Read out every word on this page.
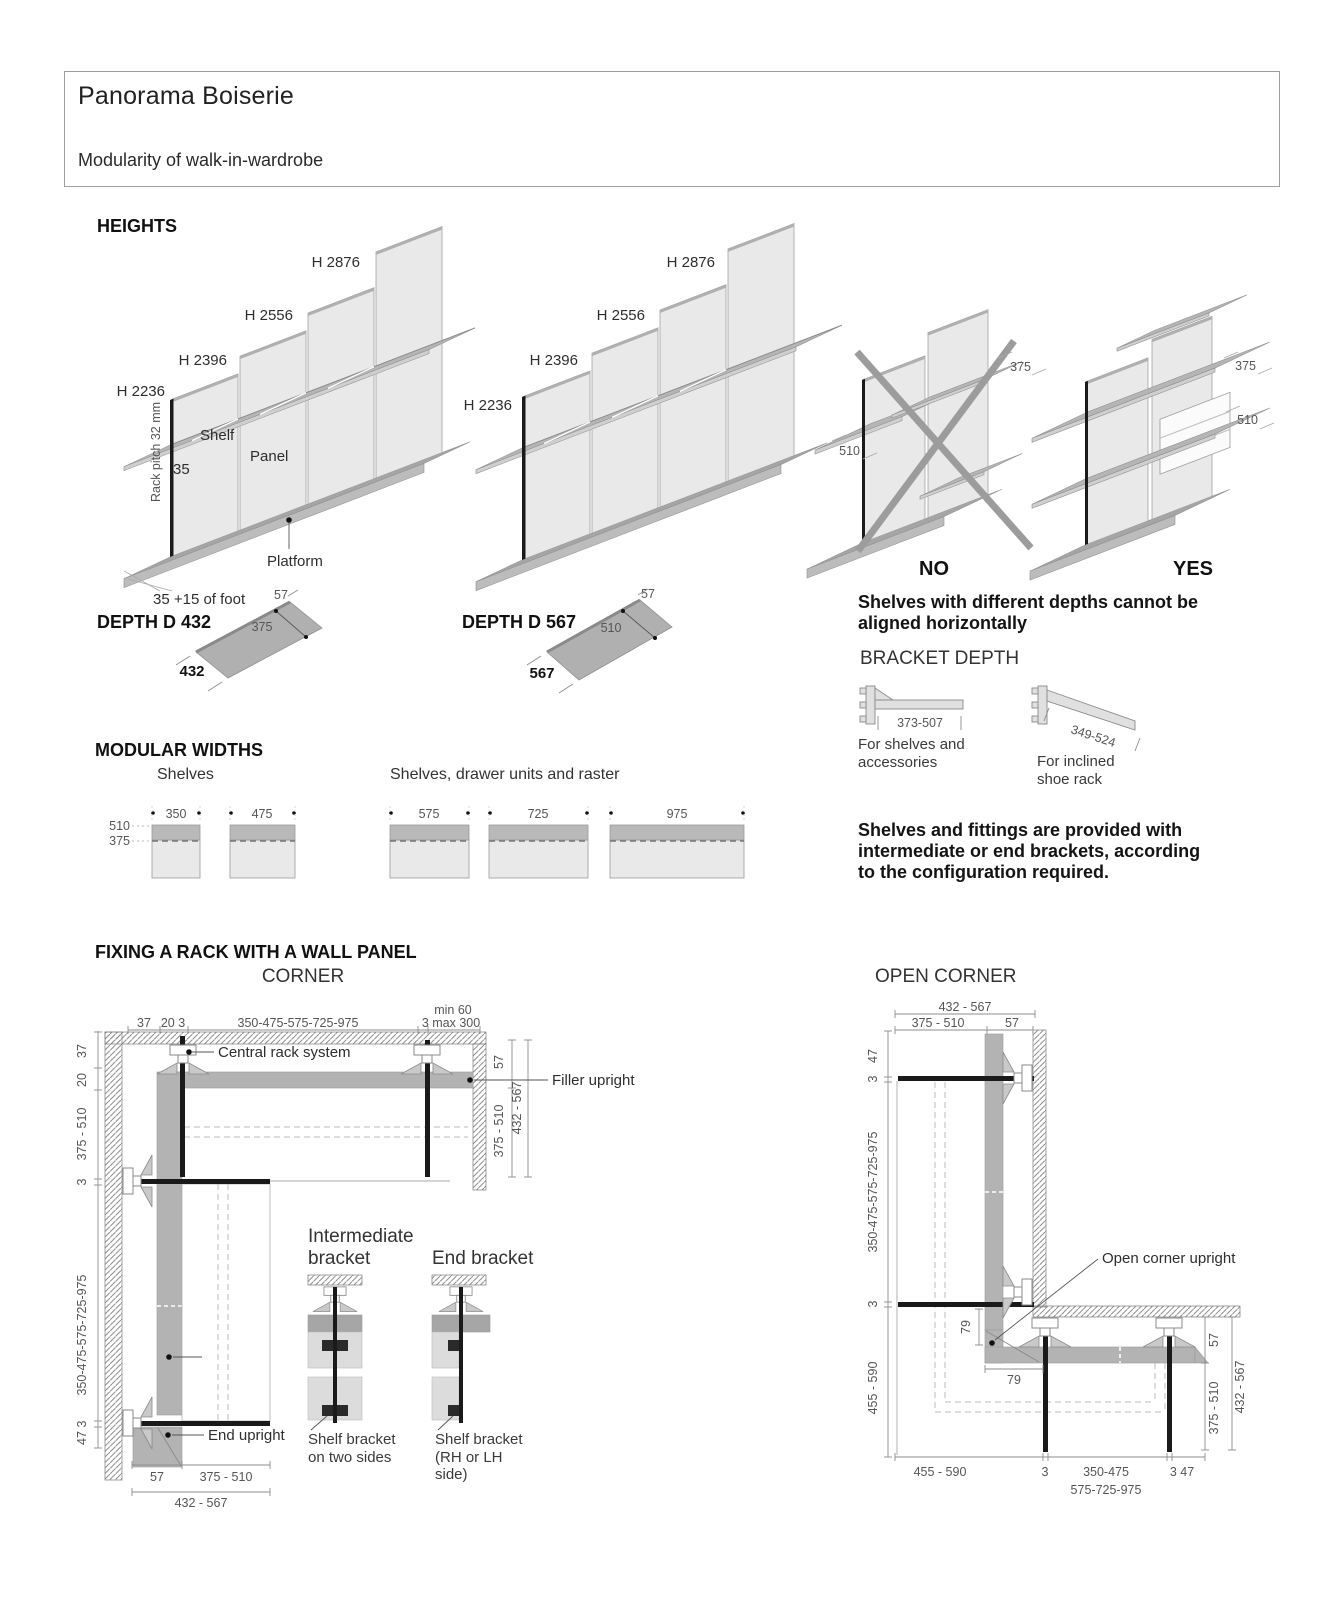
Panorama Boiserie
Modularity of walk-in-wardrobe
HEIGHTS
DEPTH D 432	DEPTH D 567
MODULAR WIDTHS
FIXING A RACK WITH A WALL PANEL
CORNER	OPEN CORNER
BRACKET DEPTH
Shelves	Shelves, drawer units and raster
Shelves with different depths cannot be aligned horizontally
Shelves and fittings are provided with intermediate or end brackets, according to the configuration required.
For shelves and accessories	For inclined shoe rack
Intermediate bracket	End bracket
Shelf bracket on two sides
Shelf bracket (RH or LH side)
H 2876
H 2556
H 2396
H 2236
Rack pitch 32 mm Shelf
35
Panel
Platform
35 +15 of foot
H 2876
H 2556
H 2396
H 2236
510
375
NO
375
510
YES
373-507	349-524
57
375
432
57
510
567
510
375
350	475	575	725	975
37 20 3	350-475-575-725-975
min 60
3 max 300
37
20
375 - 510
3
350-475-575-725-975
3
47
57
375 - 510 432 - 567
57	375 - 510
432 - 567
Central rack system
Filler upright
End upright
432 - 567
375 - 510	57
47
3
350-475-575-725-975
3
455 - 590
79
79
Open corner upright
455 - 590	3	350-475
575-725-975
3 47
57
375 - 510 432 - 567
